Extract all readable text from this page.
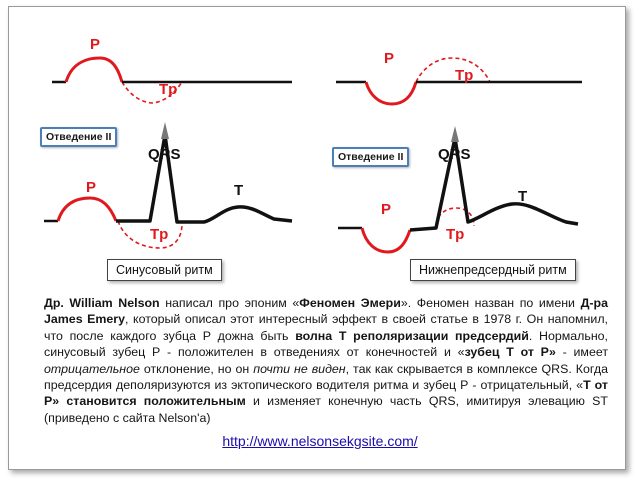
P
Tp
P
Tp
QRS
P	T
Tp
QRS
P
T
Tp
Отведение II
Отведение II
Синусовый ритм	Нижнепредсердный ритм

Др. William Nelson написал про эпоним «Феномен Эмери». Феномен назван по имени Д-ра James Emery, который описал этот интересный эффект в своей статье в 1978 г. Он напомнил, что после каждого зубца Р дожна быть волна Т реполяризации предсердий. Нормально, синусовый зубец Р - положителен в отведениях от конечностей и «зубец Т от Р» - имеет отрицательное отклонение, но он почти не виден, так как скрывается в комплексе QRS. Когда предсердия деполяризуются из эктопического водителя ритма и зубец Р - отрицательный, «Т от Р» становится положительным и изменяет конечную часть QRS, имитируя элевацию ST (приведено с сайта Nelson'a)

http://www.nelsonsekgsite.com/
